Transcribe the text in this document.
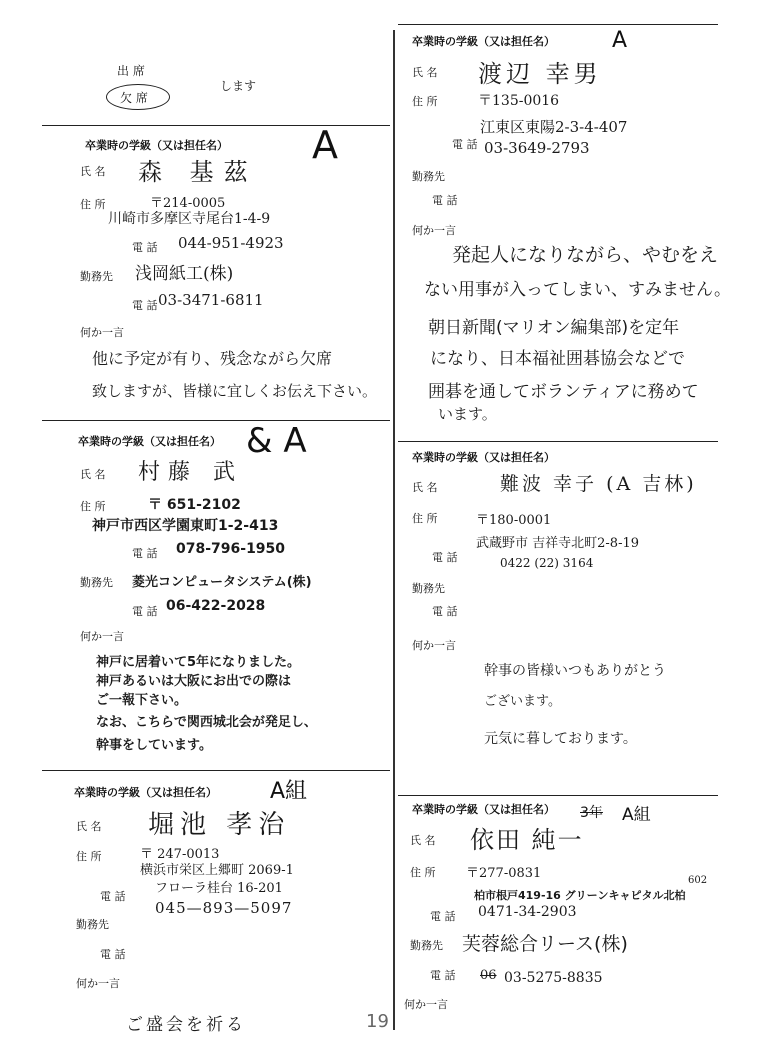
出 席
欠 席
します
卒業時の学級（又は担任名） A
氏 名 森 基茲
住 所	〒214-0005
川崎市多摩区寺尾台1-4-9
電 話 044-951-4923
勤務先 浅岡紙工(株)
電 話 03-3471-6811
何か一言
他に予定が有り、残念ながら欠席
致しますが、皆様に宜しくお伝え下さい。
卒業時の学級（又は担任名） & A
氏 名 村藤 武
住 所	〒 651-2102
神戸市西区学園東町1-2-413
電 話 078-796-1950
勤務先 菱光コンピュータシステム(株)
電 話 06-422-2028
何か一言
神戸に居着いて5年になりました。
神戸あるいは大阪にお出での際は
ご一報下さい。
なお、こちらで関西城北会が発足し、
幹事をしています。
卒業時の学級（又は担任名） A組
氏 名 堀池 孝治
住 所	〒 247-0013
横浜市栄区上郷町 2069-1
フローラ桂台 16-201
電 話
045—893—5097
勤務先
電 話
何か一言
ご盛会を祈る	19
卒業時の学級（又は担任名）	A
氏 名 渡辺 幸男
住 所	〒135-0016
江東区東陽2-3-4-407
電 話 03-3649-2793
勤務先
電 話
何か一言
発起人になりながら、やむをえ
ない用事が入ってしまい、すみません。
朝日新聞(マリオン編集部)を定年
になり、日本福祉囲碁協会などで
囲碁を通してボランティアに務めて
います。
卒業時の学級（又は担任名）
氏 名	難波 幸子 (A 吉林)
住 所	〒180-0001
武蔵野市 吉祥寺北町2-8-19
電 話	0422 (22) 3164
勤務先
電 話
何か一言
幹事の皆様いつもありがとう
ございます。
元気に暮しております。
卒業時の学級（又は担任名） 3年 A組
氏 名 依田 純一
住 所 〒277-0831
柏市根戸419-16 グリーンキャピタル北柏
602
電 話 0471-34-2903
勤務先 芙蓉総合リース(株)
電 話 06 03-5275-8835
何か一言
